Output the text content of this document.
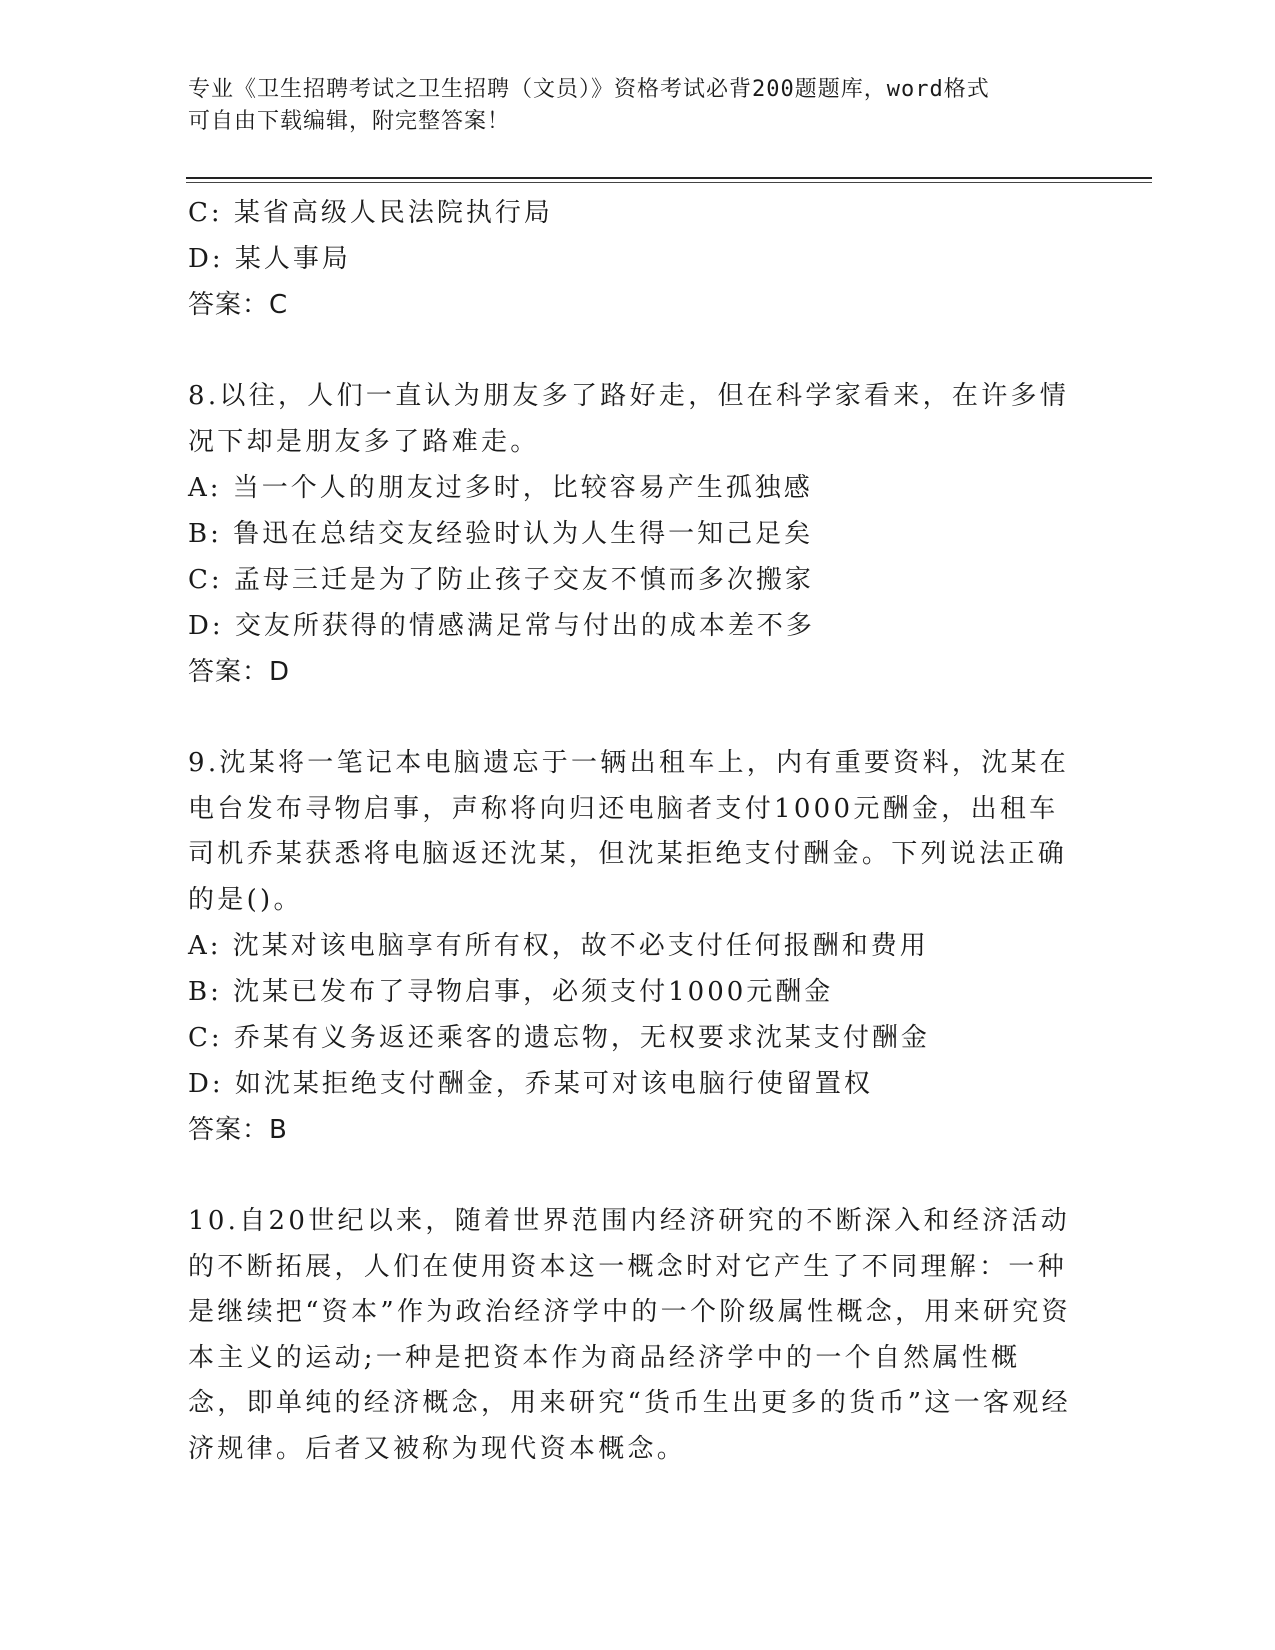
专业《卫生招聘考试之卫生招聘（文员）》资格考试必背200题题库，word格式
可自由下载编辑，附完整答案！
C: 某省高级人民法院执行局
D: 某人事局
答案：C
8.以往，人们一直认为朋友多了路好走，但在科学家看来，在许多情况下却是朋友多了路难走。
A: 当一个人的朋友过多时，比较容易产生孤独感
B: 鲁迅在总结交友经验时认为人生得一知己足矣
C: 孟母三迁是为了防止孩子交友不慎而多次搬家
D: 交友所获得的情感满足常与付出的成本差不多
答案：D
9.沈某将一笔记本电脑遗忘于一辆出租车上，内有重要资料，沈某在电台发布寻物启事，声称将向归还电脑者支付1000元酬金，出租车司机乔某获悉将电脑返还沈某，但沈某拒绝支付酬金。下列说法正确的是()。
A: 沈某对该电脑享有所有权，故不必支付任何报酬和费用
B: 沈某已发布了寻物启事，必须支付1000元酬金
C: 乔某有义务返还乘客的遗忘物，无权要求沈某支付酬金
D: 如沈某拒绝支付酬金，乔某可对该电脑行使留置权
答案：B
10.自20世纪以来，随着世界范围内经济研究的不断深入和经济活动的不断拓展，人们在使用资本这一概念时对它产生了不同理解：一种是继续把“资本”作为政治经济学中的一个阶级属性概念，用来研究资本主义的运动;一种是把资本作为商品经济学中的一个自然属性概念，即单纯的经济概念，用来研究“货币生出更多的货币”这一客观经济规律。后者又被称为现代资本概念。
